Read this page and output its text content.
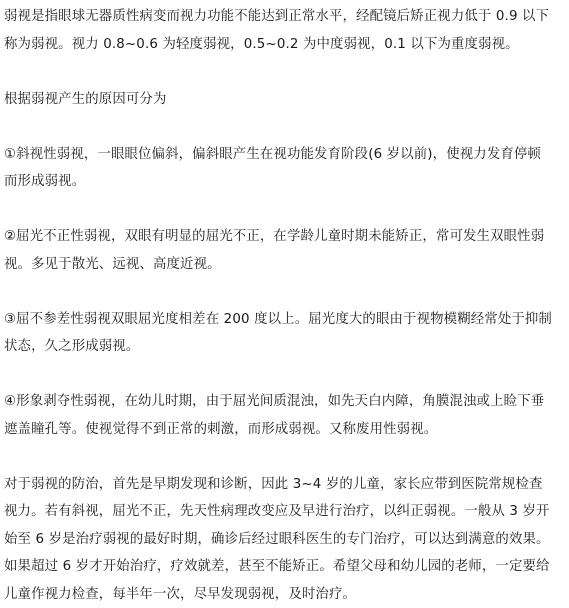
弱视是指眼球无器质性病变而视力功能不能达到正常水平，经配镜后矫正视力低于 0.9 以下
称为弱视。视力 0.8~0.6 为轻度弱视，0.5~0.2 为中度弱视，0.1 以下为重度弱视。

根据弱视产生的原因可分为

①斜视性弱视，一眼眼位偏斜，偏斜眼产生在视功能发育阶段(6 岁以前)，使视力发育停顿
而形成弱视。

②屈光不正性弱视，双眼有明显的屈光不正，在学龄儿童时期未能矫正，常可发生双眼性弱
视。多见于散光、远视、高度近视。

③屈不参差性弱视双眼屈光度相差在 200 度以上。屈光度大的眼由于视物模糊经常处于抑制
状态，久之形成弱视。

④形象剥夺性弱视，在幼儿时期，由于屈光间质混浊，如先天白内障，角膜混浊或上睑下垂
遮盖瞳孔等。使视觉得不到正常的刺激，而形成弱视。又称废用性弱视。

对于弱视的防治，首先是早期发现和诊断，因此 3~4 岁的儿童，家长应带到医院常规检查
视力。若有斜视，屈光不正，先天性病理改变应及早进行治疗，以纠正弱视。一般从 3 岁开
始至 6 岁是治疗弱视的最好时期，确诊后经过眼科医生的专门治疗，可以达到满意的效果。
如果超过 6 岁才开始治疗，疗效就差，甚至不能矫正。希望父母和幼儿园的老师，一定要给
儿童作视力检查，每半年一次，尽早发现弱视，及时治疗。
